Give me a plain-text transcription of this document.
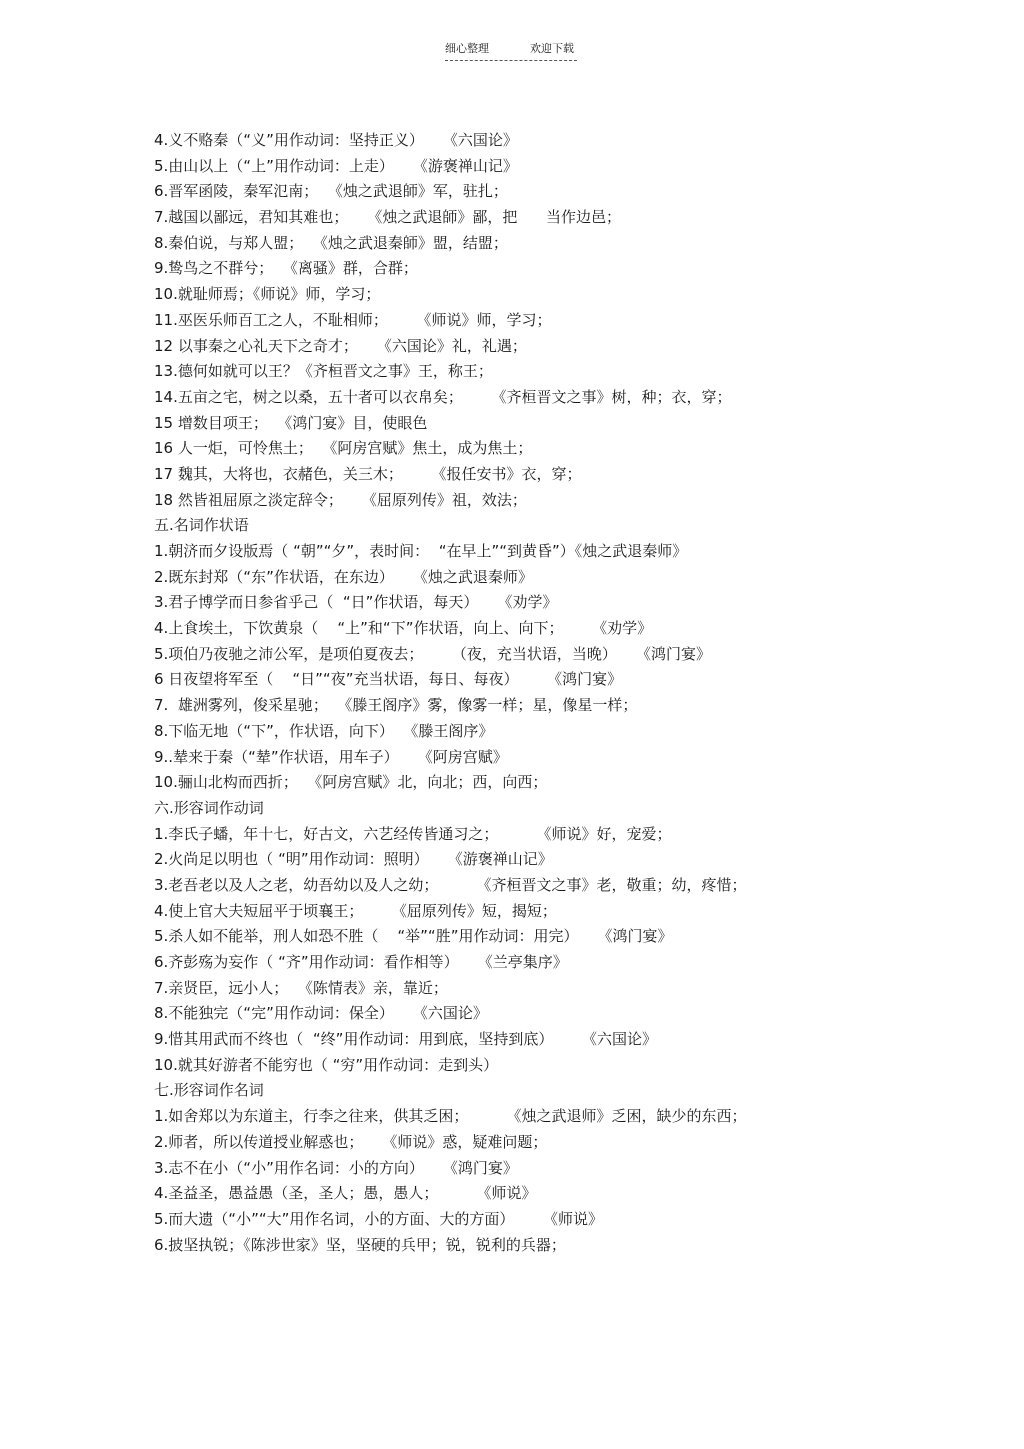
细心整理	欢迎下载
4.义不赂秦（“义”用作动词：坚持正义）    《六国论》
5.由山以上（“上”用作动词：上走）    《游褒禅山记》
6.晋军函陵，秦军氾南；  《烛之武退師》军，驻扎；
7.越国以鄙远，君知其难也；    《烛之武退師》鄙，把      当作边邑；
8.秦伯说，与郑人盟；  《烛之武退秦師》盟，结盟；
9.鸷鸟之不群兮；  《离骚》群，合群；
10.就耻师焉；《师说》师，学习；
11.巫医乐师百工之人，不耻相师；      《师说》师，学习；
12 以事秦之心礼天下之奇才；    《六国论》礼，礼遇；
13.德何如就可以王？《齐桓晋文之事》王，称王；
14.五亩之宅，树之以桑，五十者可以衣帛矣；      《齐桓晋文之事》树，种；衣，穿；
15 增数目项王；  《鸿门宴》目，使眼色
16 人一炬，可怜焦土；  《阿房宫赋》焦土，成为焦土；
17 魏其，大将也，衣赭色，关三木；      《报任安书》衣，穿；
18 然皆祖屈原之淡定辞令；    《屈原列传》祖，效法；
五.名词作状语
1.朝济而夕设版焉（ “朝”“夕”，表时间：  “在早上”“到黄昏”）《烛之武退秦师》
2.既东封郑（“东”作状语，在东边）    《烛之武退秦师》
3.君子博学而日参省乎己（  “日”作状语，每天）    《劝学》
4.上食埃土，下饮黄泉（    “上”和“下”作状语，向上、向下；      《劝学》
5.项伯乃夜驰之沛公军，是项伯夏夜去；      （夜，充当状语，当晚）    《鸿门宴》
6 日夜望将军至（    “日”“夜”充当状语，每日、每夜）      《鸿门宴》
7.  雄洲雾列，俊采星驰；  《滕王阁序》雾，像雾一样；星，像星一样；
8.下临无地（“下”，作状语，向下）  《滕王阁序》
9..辇来于秦（“辇”作状语，用车子）    《阿房宫赋》
10.骊山北构而西折；  《阿房宫赋》北，向北；西，向西；
六.形容词作动词
1.李氏子蟠，年十七，好古文，六艺经传皆通习之；        《师说》好，宠爱；
2.火尚足以明也（ “明”用作动词：照明）    《游褒禅山记》
3.老吾老以及人之老，幼吾幼以及人之幼；        《齐桓晋文之事》老，敬重；幼，疼惜；
4.使上官大夫短屈平于顷襄王；      《屈原列传》短，揭短；
5.杀人如不能举，刑人如恐不胜（    “举”“胜”用作动词：用完）    《鸿门宴》
6.齐彭殇为妄作（ “齐”用作动词：看作相等）    《兰亭集序》
7.亲贤臣，远小人；  《陈情表》亲，靠近；
8.不能独完（“完”用作动词：保全）    《六国论》
9.惜其用武而不终也（  “终”用作动词：用到底，坚持到底）      《六国论》
10.就其好游者不能穷也（ “穷”用作动词：走到头）
七.形容词作名词
1.如舍郑以为东道主，行李之往来，供其乏困；        《烛之武退师》乏困，缺少的东西；
2.师者，所以传道授业解惑也；    《师说》惑，疑难问题；
3.志不在小（“小”用作名词：小的方向）    《鸿门宴》
4.圣益圣，愚益愚（圣，圣人；愚，愚人；        《师说》
5.而大遗（“小”“大”用作名词，小的方面、大的方面）      《师说》
6.披坚执锐；《陈涉世家》坚，坚硬的兵甲；锐，锐利的兵器；
